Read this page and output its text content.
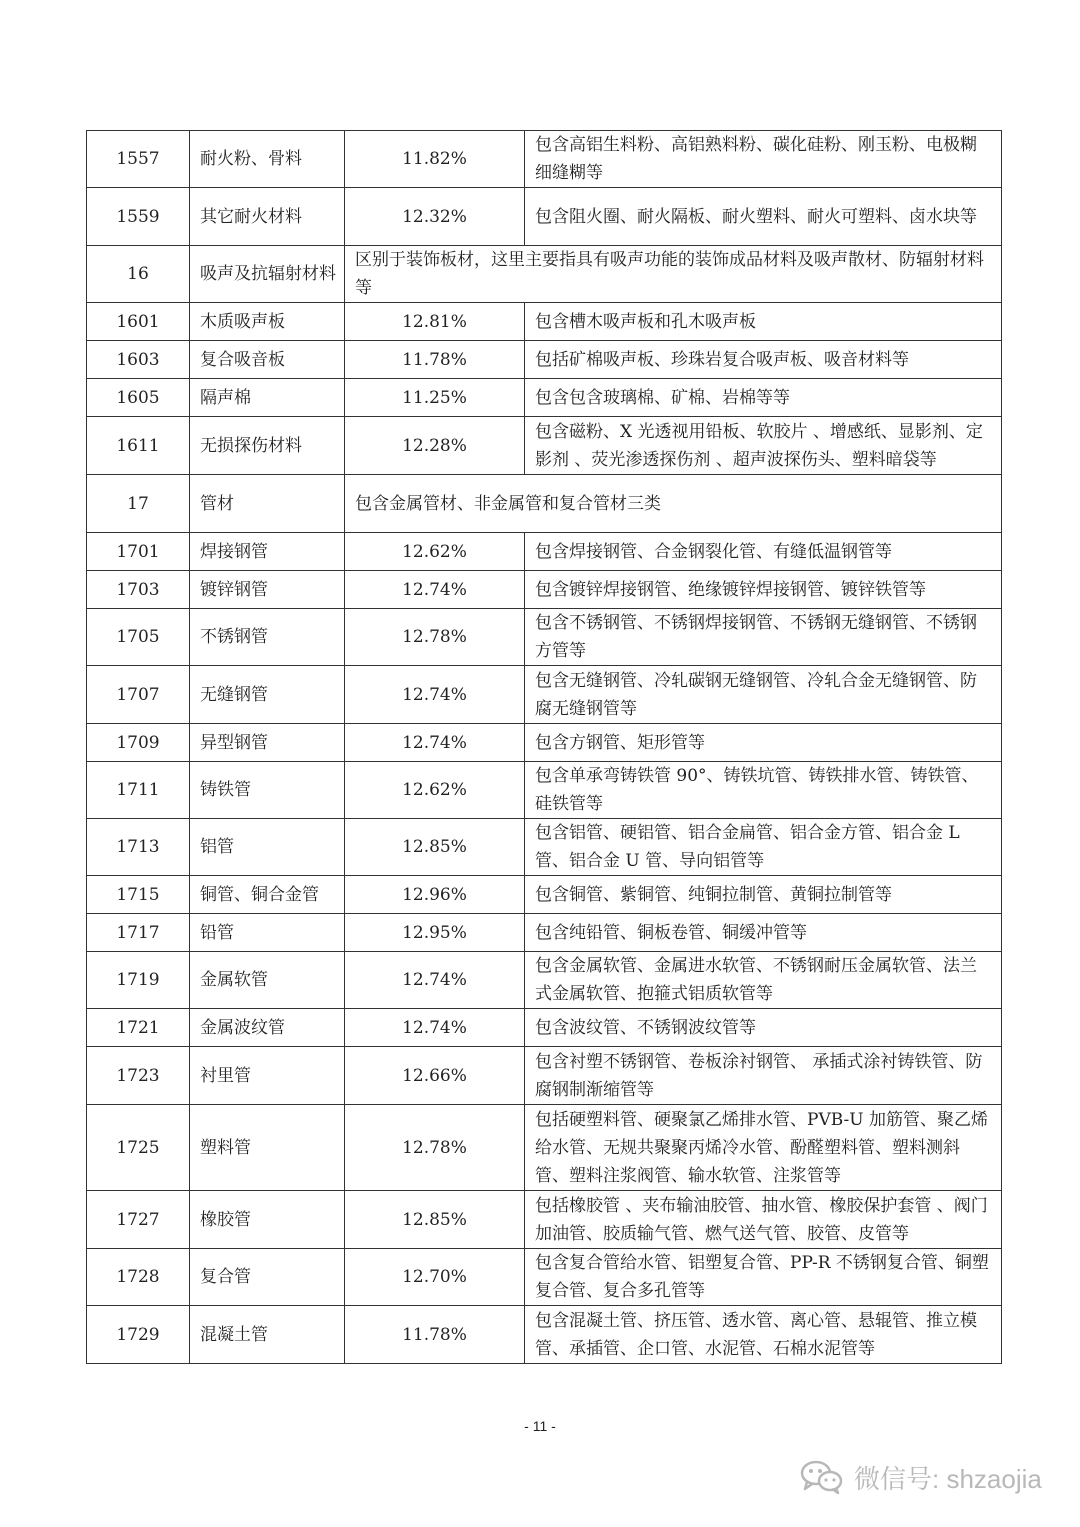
1557	耐火粉、骨料	11.82%	包含高铝生料粉、高铝熟料粉、碳化硅粉、刚玉粉、电极糊 细缝糊等
1559	其它耐火材料	12.32%	包含阻火圈、耐火隔板、耐火塑料、耐火可塑料、卤水块等
16	吸声及抗辐射材料	区别于装饰板材，这里主要指具有吸声功能的装饰成品材料及吸声散材、防辐射材料等	
1601	木质吸声板	12.81%	包含槽木吸声板和孔木吸声板
1603	复合吸音板	11.78%	包括矿棉吸声板、珍珠岩复合吸声板、吸音材料等
1605	隔声棉	11.25%	包含包含玻璃棉、矿棉、岩棉等等
1611	无损探伤材料	12.28%	包含磁粉、X 光透视用铅板、软胶片 、增感纸、显影剂、定影剂 、荧光渗透探伤剂 、超声波探伤头、塑料暗袋等
17	管材	包含金属管材、非金属管和复合管材三类	
1701	焊接钢管	12.62%	包含焊接钢管、合金钢裂化管、有缝低温钢管等
1703	镀锌钢管	12.74%	包含镀锌焊接钢管、绝缘镀锌焊接钢管、镀锌铁管等
1705	不锈钢管	12.78%	包含不锈钢管、不锈钢焊接钢管、不锈钢无缝钢管、不锈钢方管等
1707	无缝钢管	12.74%	包含无缝钢管、冷轧碳钢无缝钢管、冷轧合金无缝钢管、防腐无缝钢管等
1709	异型钢管	12.74%	包含方钢管、矩形管等
1711	铸铁管	12.62%	包含单承弯铸铁管 90°、铸铁坑管、铸铁排水管、铸铁管、硅铁管等
1713	铝管	12.85%	包含铝管、硬铝管、铝合金扁管、铝合金方管、铝合金 L 管、铝合金 U 管、导向铝管等
1715	铜管、铜合金管	12.96%	包含铜管、紫铜管、纯铜拉制管、黄铜拉制管等
1717	铅管	12.95%	包含纯铅管、铜板卷管、铜缓冲管等
1719	金属软管	12.74%	包含金属软管、金属进水软管、不锈钢耐压金属软管、法兰式金属软管、抱箍式铝质软管等
1721	金属波纹管	12.74%	包含波纹管、不锈钢波纹管等
1723	衬里管	12.66%	包含衬塑不锈钢管、卷板涂衬钢管、 承插式涂衬铸铁管、防腐钢制渐缩管等
1725	塑料管	12.78%	包括硬塑料管、硬聚氯乙烯排水管、PVB-U 加筋管、聚乙烯给水管、无规共聚聚丙烯冷水管、酚醛塑料管、塑料测斜管、塑料注浆阀管、输水软管、注浆管等
1727	橡胶管	12.85%	包括橡胶管 、夹布输油胶管、抽水管、橡胶保护套管 、阀门加油管、胶质输气管、燃气送气管、胶管、皮管等
1728	复合管	12.70%	包含复合管给水管、铝塑复合管、PP-R 不锈钢复合管、铜塑复合管、复合多孔管等
1729	混凝土管	11.78%	包含混凝土管、挤压管、透水管、离心管、悬辊管、推立模管、承插管、企口管、水泥管、石棉水泥管等
- 11 -
微信号: shzaojia
